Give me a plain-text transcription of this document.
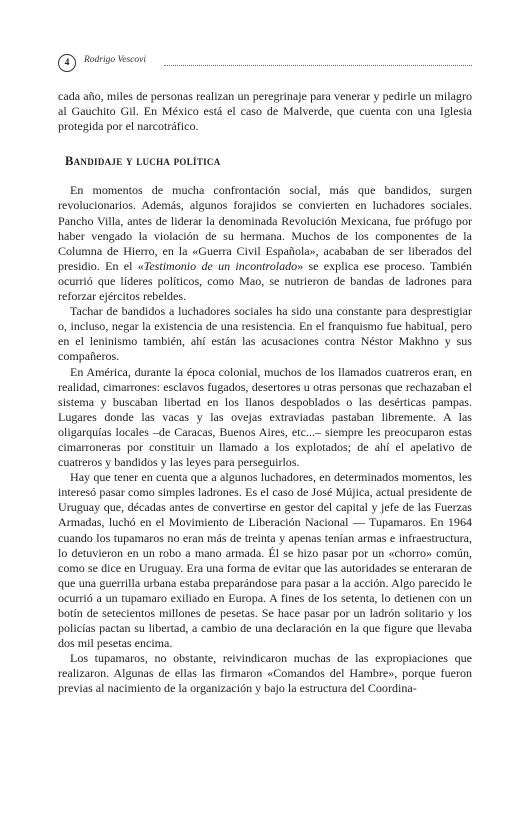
4	Rodrigo Vescovi

cada año, miles de personas realizan un peregrinaje para venerar y pedirle un milagro al Gauchito Gil. En México está el caso de Malverde, que cuenta con una Iglesia protegida por el narcotráfico.

Bandidaje y lucha política

En momentos de mucha confrontación social, más que bandidos, surgen revolucionarios. Además, algunos forajidos se convierten en luchadores sociales. Pancho Villa, antes de liderar la denominada Revolución Mexicana, fue prófugo por haber vengado la violación de su hermana. Muchos de los componentes de la Columna de Hierro, en la «Guerra Civil Española», acababan de ser liberados del presidio. En el «Testimonio de un incontrolado» se explica ese proceso. También ocurrió que líderes políticos, como Mao, se nutrieron de bandas de ladrones para reforzar ejércitos rebeldes.

Tachar de bandidos a luchadores sociales ha sido una constante para desprestigiar o, incluso, negar la existencia de una resistencia. En el franquismo fue habitual, pero en el leninismo también, ahí están las acusaciones contra Néstor Makhno y sus compañeros.

En América, durante la época colonial, muchos de los llamados cuatreros eran, en realidad, cimarrones: esclavos fugados, desertores u otras personas que rechazaban el sistema y buscaban libertad en los llanos despoblados o las desérticas pampas. Lugares donde las vacas y las ovejas extraviadas pastaban libremente. A las oligarquías locales –de Caracas, Buenos Aires, etc...– siempre les preocuparon estas cimarroneras por constituir un llamado a los explotados; de ahí el apelativo de cuatreros y bandidos y las leyes para perseguirlos.

Hay que tener en cuenta que a algunos luchadores, en determinados momentos, les interesó pasar como simples ladrones. Es el caso de José Mújica, actual presidente de Uruguay que, décadas antes de convertirse en gestor del capital y jefe de las Fuerzas Armadas, luchó en el Movimiento de Liberación Nacional — Tupamaros. En 1964 cuando los tupamaros no eran más de treinta y apenas tenían armas e infraestructura, lo detuvieron en un robo a mano armada. Él se hizo pasar por un «chorro» común, como se dice en Uruguay. Era una forma de evitar que las autoridades se enteraran de que una guerrilla urbana estaba preparándose para pasar a la acción. Algo parecido le ocurrió a un tupamaro exiliado en Europa. A fines de los setenta, lo detienen con un botín de setecientos millones de pesetas. Se hace pasar por un ladrón solitario y los policías pactan su libertad, a cambio de una declaración en la que figure que llevaba dos mil pesetas encima.

Los tupamaros, no obstante, reivindicaron muchas de las expropiaciones que realizaron. Algunas de ellas las firmaron «Comandos del Hambre», porque fueron previas al nacimiento de la organización y bajo la estructura del Coordina-
